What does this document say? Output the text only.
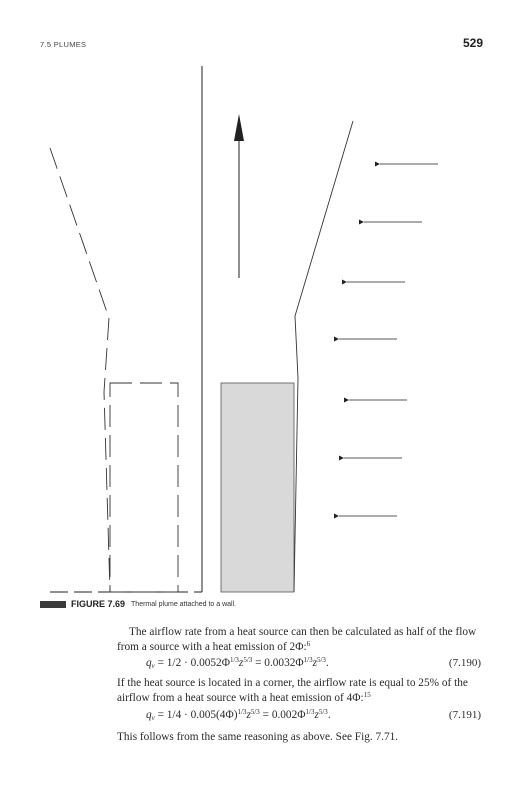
7.5 PLUMES	529
FIGURE 7.69 Thermal plume attached to a wall.
The airflow rate from a heat source can then be calculated as half of the flow from a source with a heat emission of 2Φ:$^6$
$q_v = 1/2 \cdot 0.0052\Phi^{1/3}z^{5/3} = 0.0032\Phi^{1/3}z^{5/3}$.	(7.190)
If the heat source is located in a corner, the airflow rate is equal to 25% of the airflow from a heat source with a heat emission of 4Φ:$^{15}$
$q_v = 1/4 \cdot 0.005(4\Phi)^{1/3}z^{5/3} = 0.002\Phi^{1/3}z^{5/3}$.	(7.191)
This follows from the same reasoning as above. See Fig. 7.71.
